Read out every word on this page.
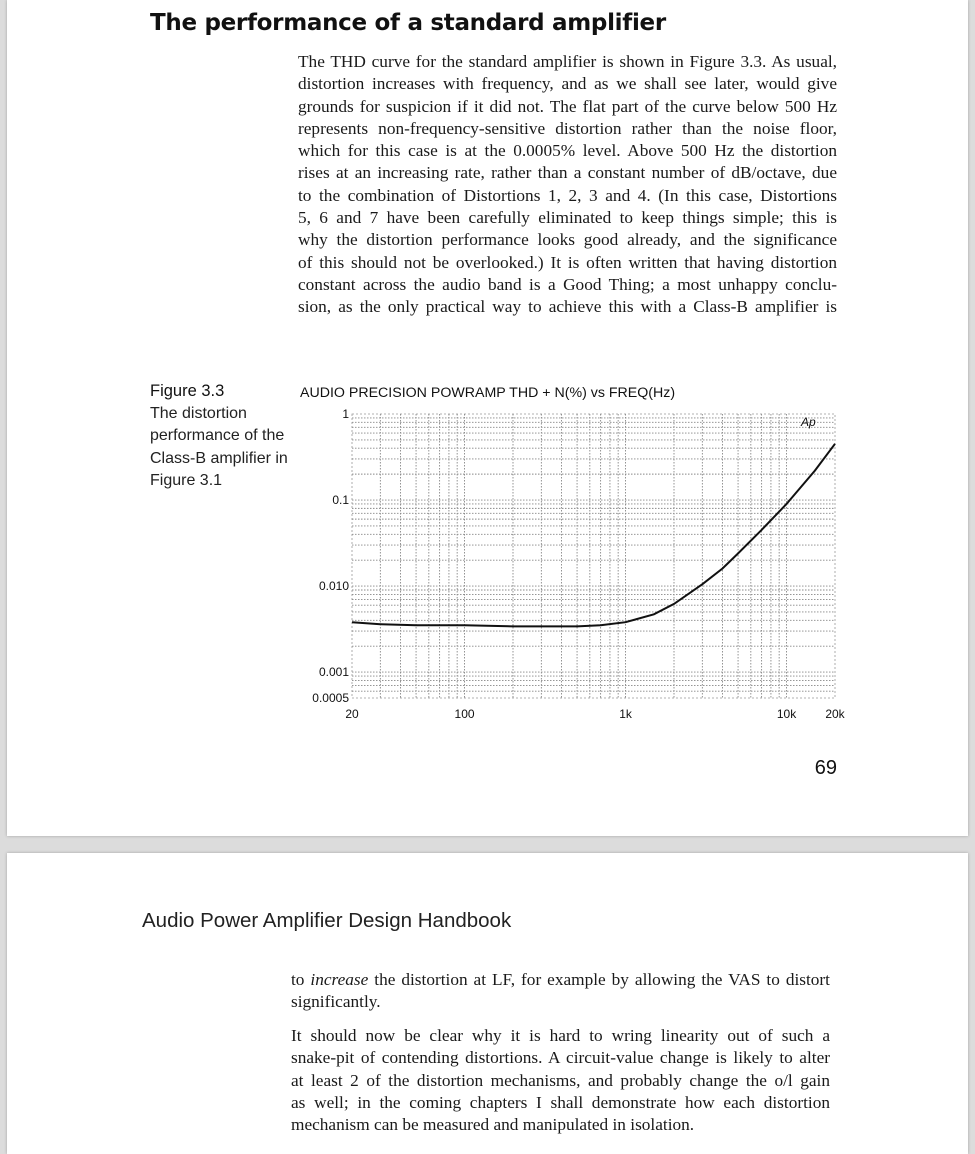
The performance of a standard amplifier
The THD curve for the standard amplifier is shown in Figure 3.3. As usual,
distortion increases with frequency, and as we shall see later, would give
grounds for suspicion if it did not. The flat part of the curve below 500 Hz
represents non-frequency-sensitive distortion rather than the noise floor,
which for this case is at the 0.0005% level. Above 500 Hz the distortion
rises at an increasing rate, rather than a constant number of dB/octave, due
to the combination of Distortions 1, 2, 3 and 4. (In this case, Distortions
5, 6 and 7 have been carefully eliminated to keep things simple; this is
why the distortion performance looks good already, and the significance
of this should not be overlooked.) It is often written that having distortion
constant across the audio band is a Good Thing; a most unhappy conclu-
sion, as the only practical way to achieve this with a Class-B amplifier is
Figure 3.3
The distortion
performance of the
Class-B amplifier in
Figure 3.1
AUDIO PRECISION POWRAMP THD + N(%) vs FREQ(Hz)
20	100	1k	10k 20k
1
0.1
0.010
0.001
0.0005
Ap
69
Audio Power Amplifier Design Handbook
to increase the distortion at LF, for example by allowing the VAS to distort
significantly.
It should now be clear why it is hard to wring linearity out of such a
snake-pit of contending distortions. A circuit-value change is likely to alter
at least 2 of the distortion mechanisms, and probably change the o/l gain
as well; in the coming chapters I shall demonstrate how each distortion
mechanism can be measured and manipulated in isolation.
